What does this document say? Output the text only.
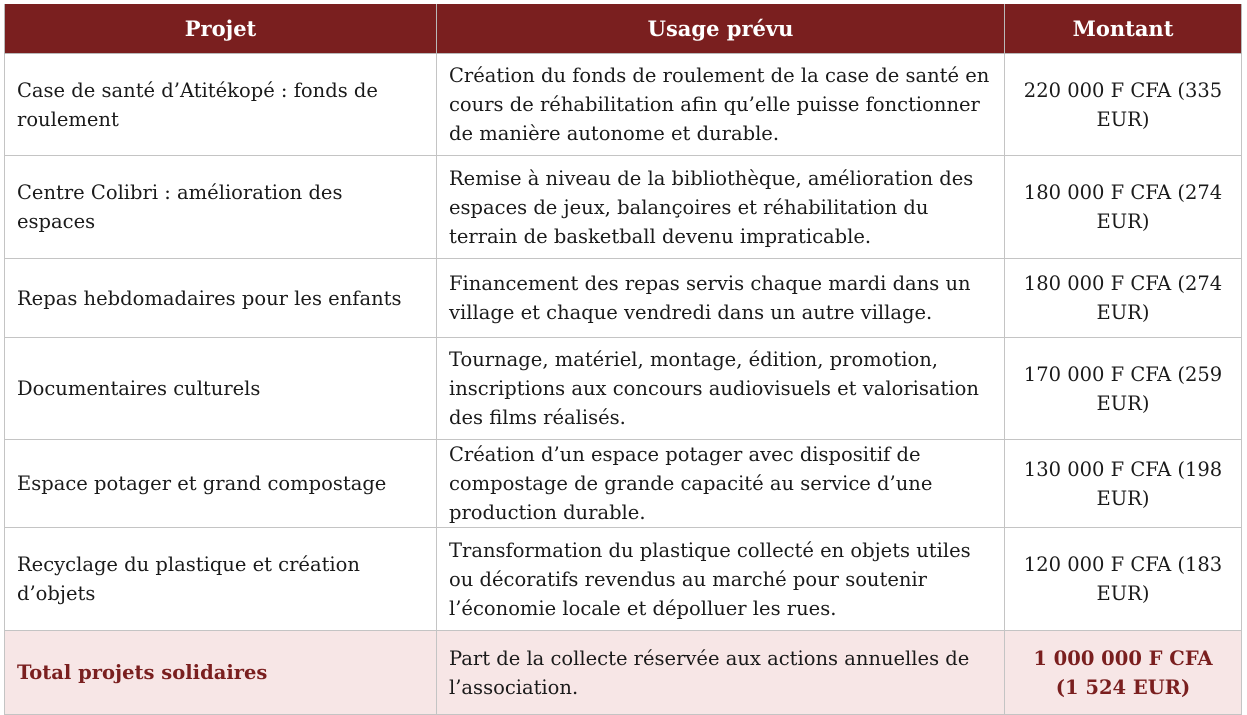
Projet	Usage prévu	Montant
Case de santé d’Atitékopé : fonds de roulement	Création du fonds de roulement de la case de santé en cours de réhabilitation afin qu’elle puisse fonctionner de manière autonome et durable.	220 000 F CFA (335 EUR)
Centre Colibri : amélioration des espaces	Remise à niveau de la bibliothèque, amélioration des espaces de jeux, balançoires et réhabilitation du terrain de basketball devenu impraticable.	180 000 F CFA (274 EUR)
Repas hebdomadaires pour les enfants	Financement des repas servis chaque mardi dans un village et chaque vendredi dans un autre village.	180 000 F CFA (274 EUR)
Documentaires culturels	Tournage, matériel, montage, édition, promotion, inscriptions aux concours audiovisuels et valorisation des films réalisés.	170 000 F CFA (259 EUR)
Espace potager et grand compostage	Création d’un espace potager avec dispositif de compostage de grande capacité au service d’une production durable.	130 000 F CFA (198 EUR)
Recyclage du plastique et création d’objets	Transformation du plastique collecté en objets utiles ou décoratifs revendus au marché pour soutenir l’économie locale et dépolluer les rues.	120 000 F CFA (183 EUR)
Total projets solidaires	Part de la collecte réservée aux actions annuelles de l’association.	1 000 000 F CFA (1 524 EUR)
